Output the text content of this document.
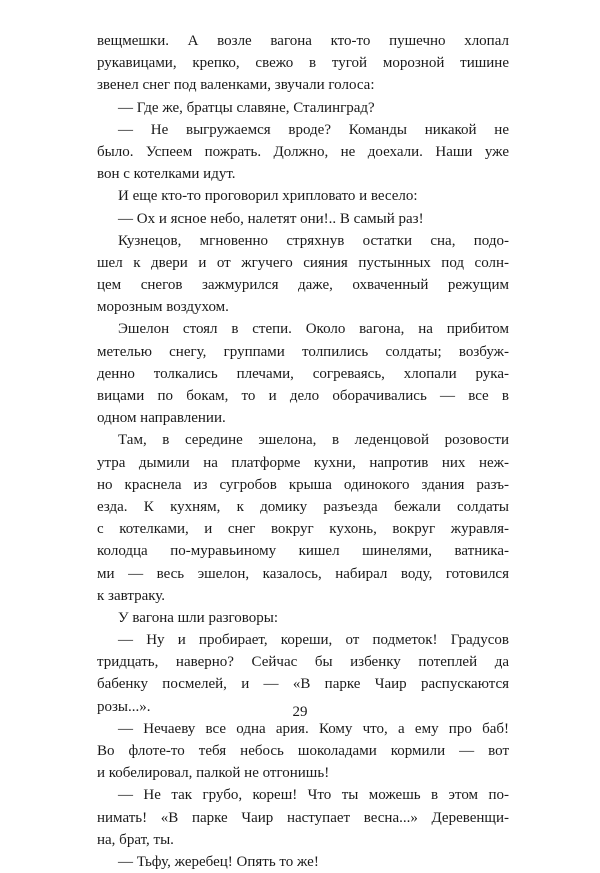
вещмешки. А возле вагона кто-то пушечно хлопал
рукавицами, крепко, свежо в тугой морозной тишине
звенел снег под валенками, звучали голоса:
— Где же, братцы славяне, Сталинград?
— Не выгружаемся вроде? Команды никакой не
было. Успеем пожрать. Должно, не доехали. Наши уже
вон с котелками идут.
И еще кто-то проговорил хрипловато и весело:
— Ох и ясное небо, налетят они!.. В самый раз!
Кузнецов, мгновенно стряхнув остатки сна, подо-
шел к двери и от жгучего сияния пустынных под солн-
цем снегов зажмурился даже, охваченный режущим
морозным воздухом.
Эшелон стоял в степи. Около вагона, на прибитом
метелью снегу, группами толпились солдаты; возбуж-
денно толкались плечами, согреваясь, хлопали рука-
вицами по бокам, то и дело оборачивались — все в
одном направлении.
Там, в середине эшелона, в леденцовой розовости
утра дымили на платформе кухни, напротив них неж-
но краснела из сугробов крыша одинокого здания разъ-
езда. К кухням, к домику разъезда бежали солдаты
с котелками, и снег вокруг кухонь, вокруг журавля-
колодца по-муравьиному кишел шинелями, ватника-
ми — весь эшелон, казалось, набирал воду, готовился
к завтраку.
У вагона шли разговоры:
— Ну и пробирает, кореши, от подметок! Градусов
тридцать, наверно? Сейчас бы избенку потеплей да
бабенку посмелей, и — «В парке Чаир распускаются
розы...».
— Нечаеву все одна ария. Кому что, а ему про баб!
Во флоте-то тебя небось шоколадами кормили — вот
и кобелировал, палкой не отгонишь!
— Не так грубо, кореш! Что ты можешь в этом по-
нимать! «В парке Чаир наступает весна...» Деревенщи-
на, брат, ты.
— Тьфу, жеребец! Опять то же!
29
